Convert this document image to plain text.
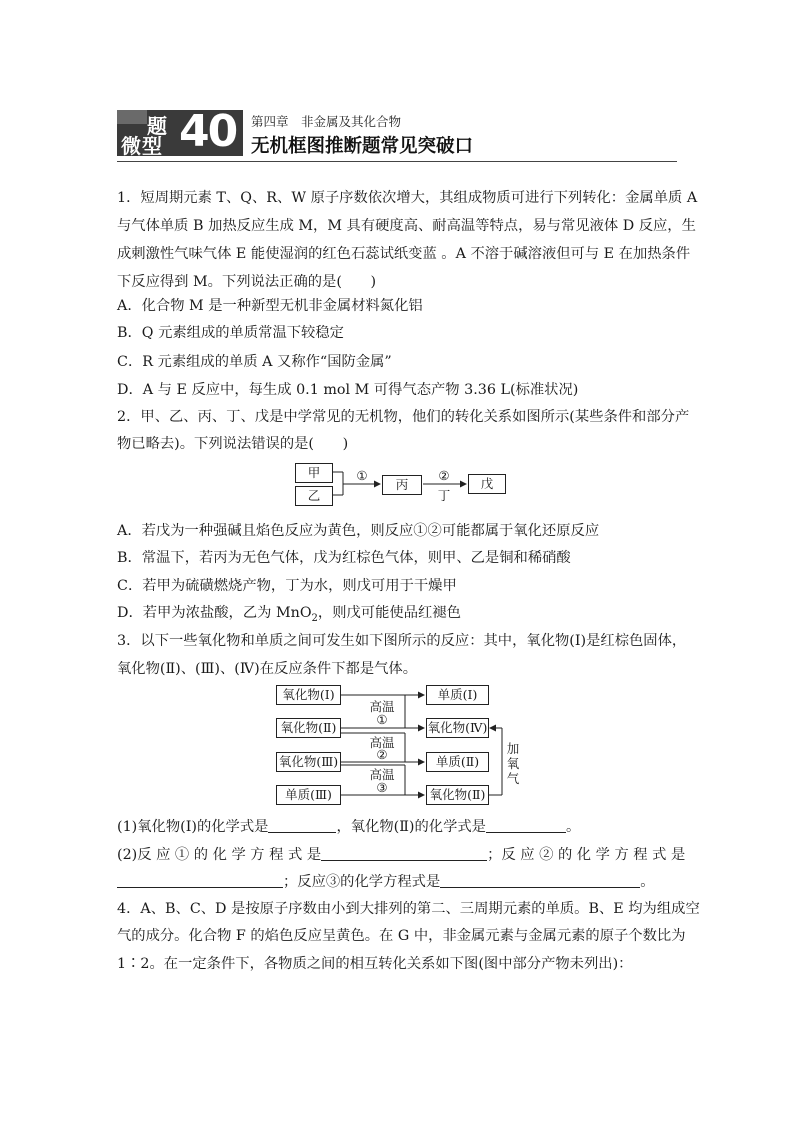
题
微型 40 第四章　非金属及其化合物
无机框图推断题常见突破口
1．短周期元素 T、Q、R、W 原子序数依次增大，其组成物质可进行下列转化：金属单质 A
与气体单质 B 加热反应生成 M，M 具有硬度高、耐高温等特点，易与常见液体 D 反应，生
成刺激性气味气体 E 能使湿润的红色石蕊试纸变蓝 。A 不溶于碱溶液但可与 E 在加热条件
下反应得到 M。下列说法正确的是(　　)
A．化合物 M 是一种新型无机非金属材料氮化铝
B．Q 元素组成的单质常温下较稳定
C．R 元素组成的单质 A 又称作“国防金属”
D．A 与 E 反应中，每生成 0.1 mol M 可得气态产物 3.36 L(标准状况)
2．甲、乙、丙、丁、戊是中学常见的无机物，他们的转化关系如图所示(某些条件和部分产
物已略去)。下列说法错误的是(　　)
甲
乙
①
丙
②
丁
戊
A．若戊为一种强碱且焰色反应为黄色，则反应①②可能都属于氧化还原反应
B．常温下，若丙为无色气体，戊为红棕色气体，则甲、乙是铜和稀硝酸
C．若甲为硫磺燃烧产物，丁为水，则戊可用于干燥甲
D．若甲为浓盐酸，乙为 MnO$_2$，则戊可能使品红褪色
3．以下一些氧化物和单质之间可发生如下图所示的反应：其中，氧化物(Ⅰ)是红棕色固体，
氧化物(Ⅱ)、(Ⅲ)、(Ⅳ)在反应条件下都是气体。
氧化物(Ⅰ)
氧化物(Ⅱ)
氧化物(Ⅲ)
单质(Ⅲ)
高温
①
高温
②
高温
③
单质(Ⅰ)
氧化物(Ⅳ)
单质(Ⅱ)
氧化物(Ⅱ)
加
氧
气
(1)氧化物(Ⅰ)的化学式是	，氧化物(Ⅱ)的化学式是	。
(2)反 应 ① 的 化 学 方 程 式 是	；反 应 ② 的 化 学 方 程 式 是
；反应③的化学方程式是	。
4．A、B、C、D 是按原子序数由小到大排列的第二、三周期元素的单质。B、E 均为组成空
气的成分。化合物 F 的焰色反应呈黄色。在 G 中，非金属元素与金属元素的原子个数比为
1∶2。在一定条件下，各物质之间的相互转化关系如下图(图中部分产物未列出)：
